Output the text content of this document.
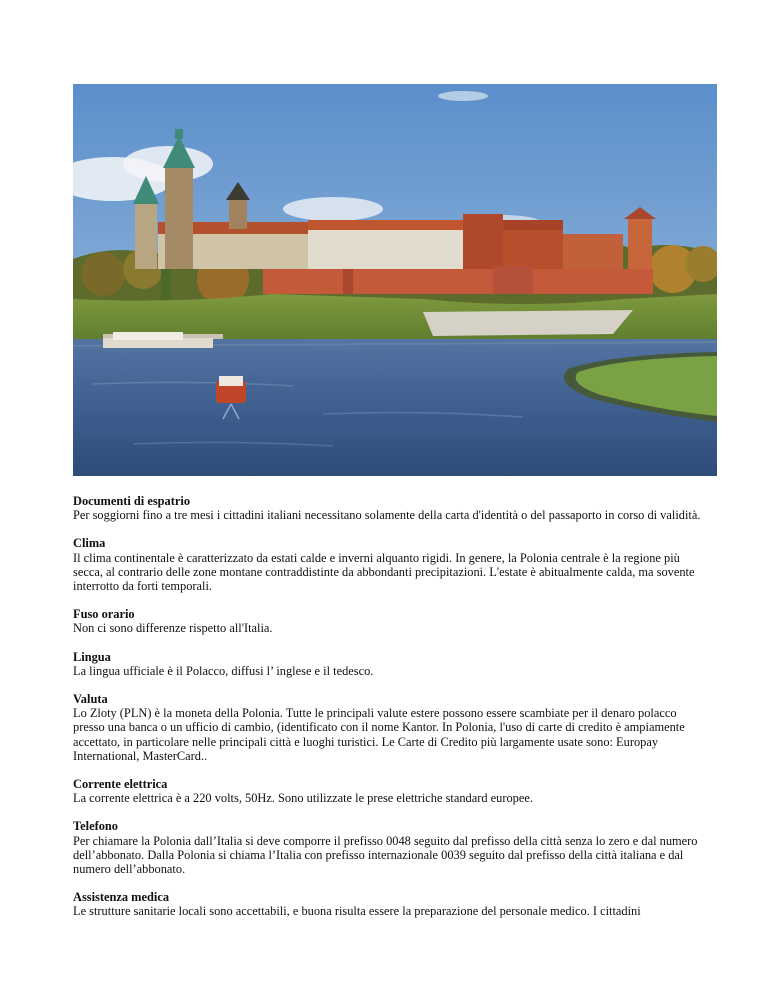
Documenti di espatrio

Per soggiorni fino a tre mesi i cittadini italiani necessitano solamente della carta d'identità o del passaporto in corso di validità.

Clima

Il clima continentale è caratterizzato da estati calde e inverni alquanto rigidi. In genere, la Polonia centrale è la regione più secca, al contrario delle zone montane contraddistinte da abbondanti precipitazioni. L'estate è abitualmente calda, ma sovente interrotto da forti temporali.

Fuso orario

Non ci sono differenze rispetto all'Italia.

Lingua

La lingua ufficiale è il Polacco, diffusi l’ inglese e il tedesco.

Valuta

Lo Zloty (PLN) è la moneta della Polonia. Tutte le principali valute estere possono essere scambiate per il denaro polacco presso una banca o un ufficio di cambio, (identificato con il nome Kantor. In Polonia, l'uso di carte di credito è ampiamente accettato, in particolare nelle principali città e luoghi turistici. Le Carte di Credito più largamente usate sono: Europay International, MasterCard..

Corrente elettrica

La corrente elettrica è a 220 volts, 50Hz. Sono utilizzate le prese elettriche standard europee.

Telefono

Per chiamare la Polonia dall’Italia si deve comporre il prefisso 0048 seguito dal prefisso della città senza lo zero e dal numero dell’abbonato. Dalla Polonia si chiama l’Italia con prefisso internazionale 0039 seguito dal prefisso della città italiana e dal numero dell’abbonato.

Assistenza medica

Le strutture sanitarie locali sono accettabili, e buona risulta essere la preparazione del personale medico. I cittadini
